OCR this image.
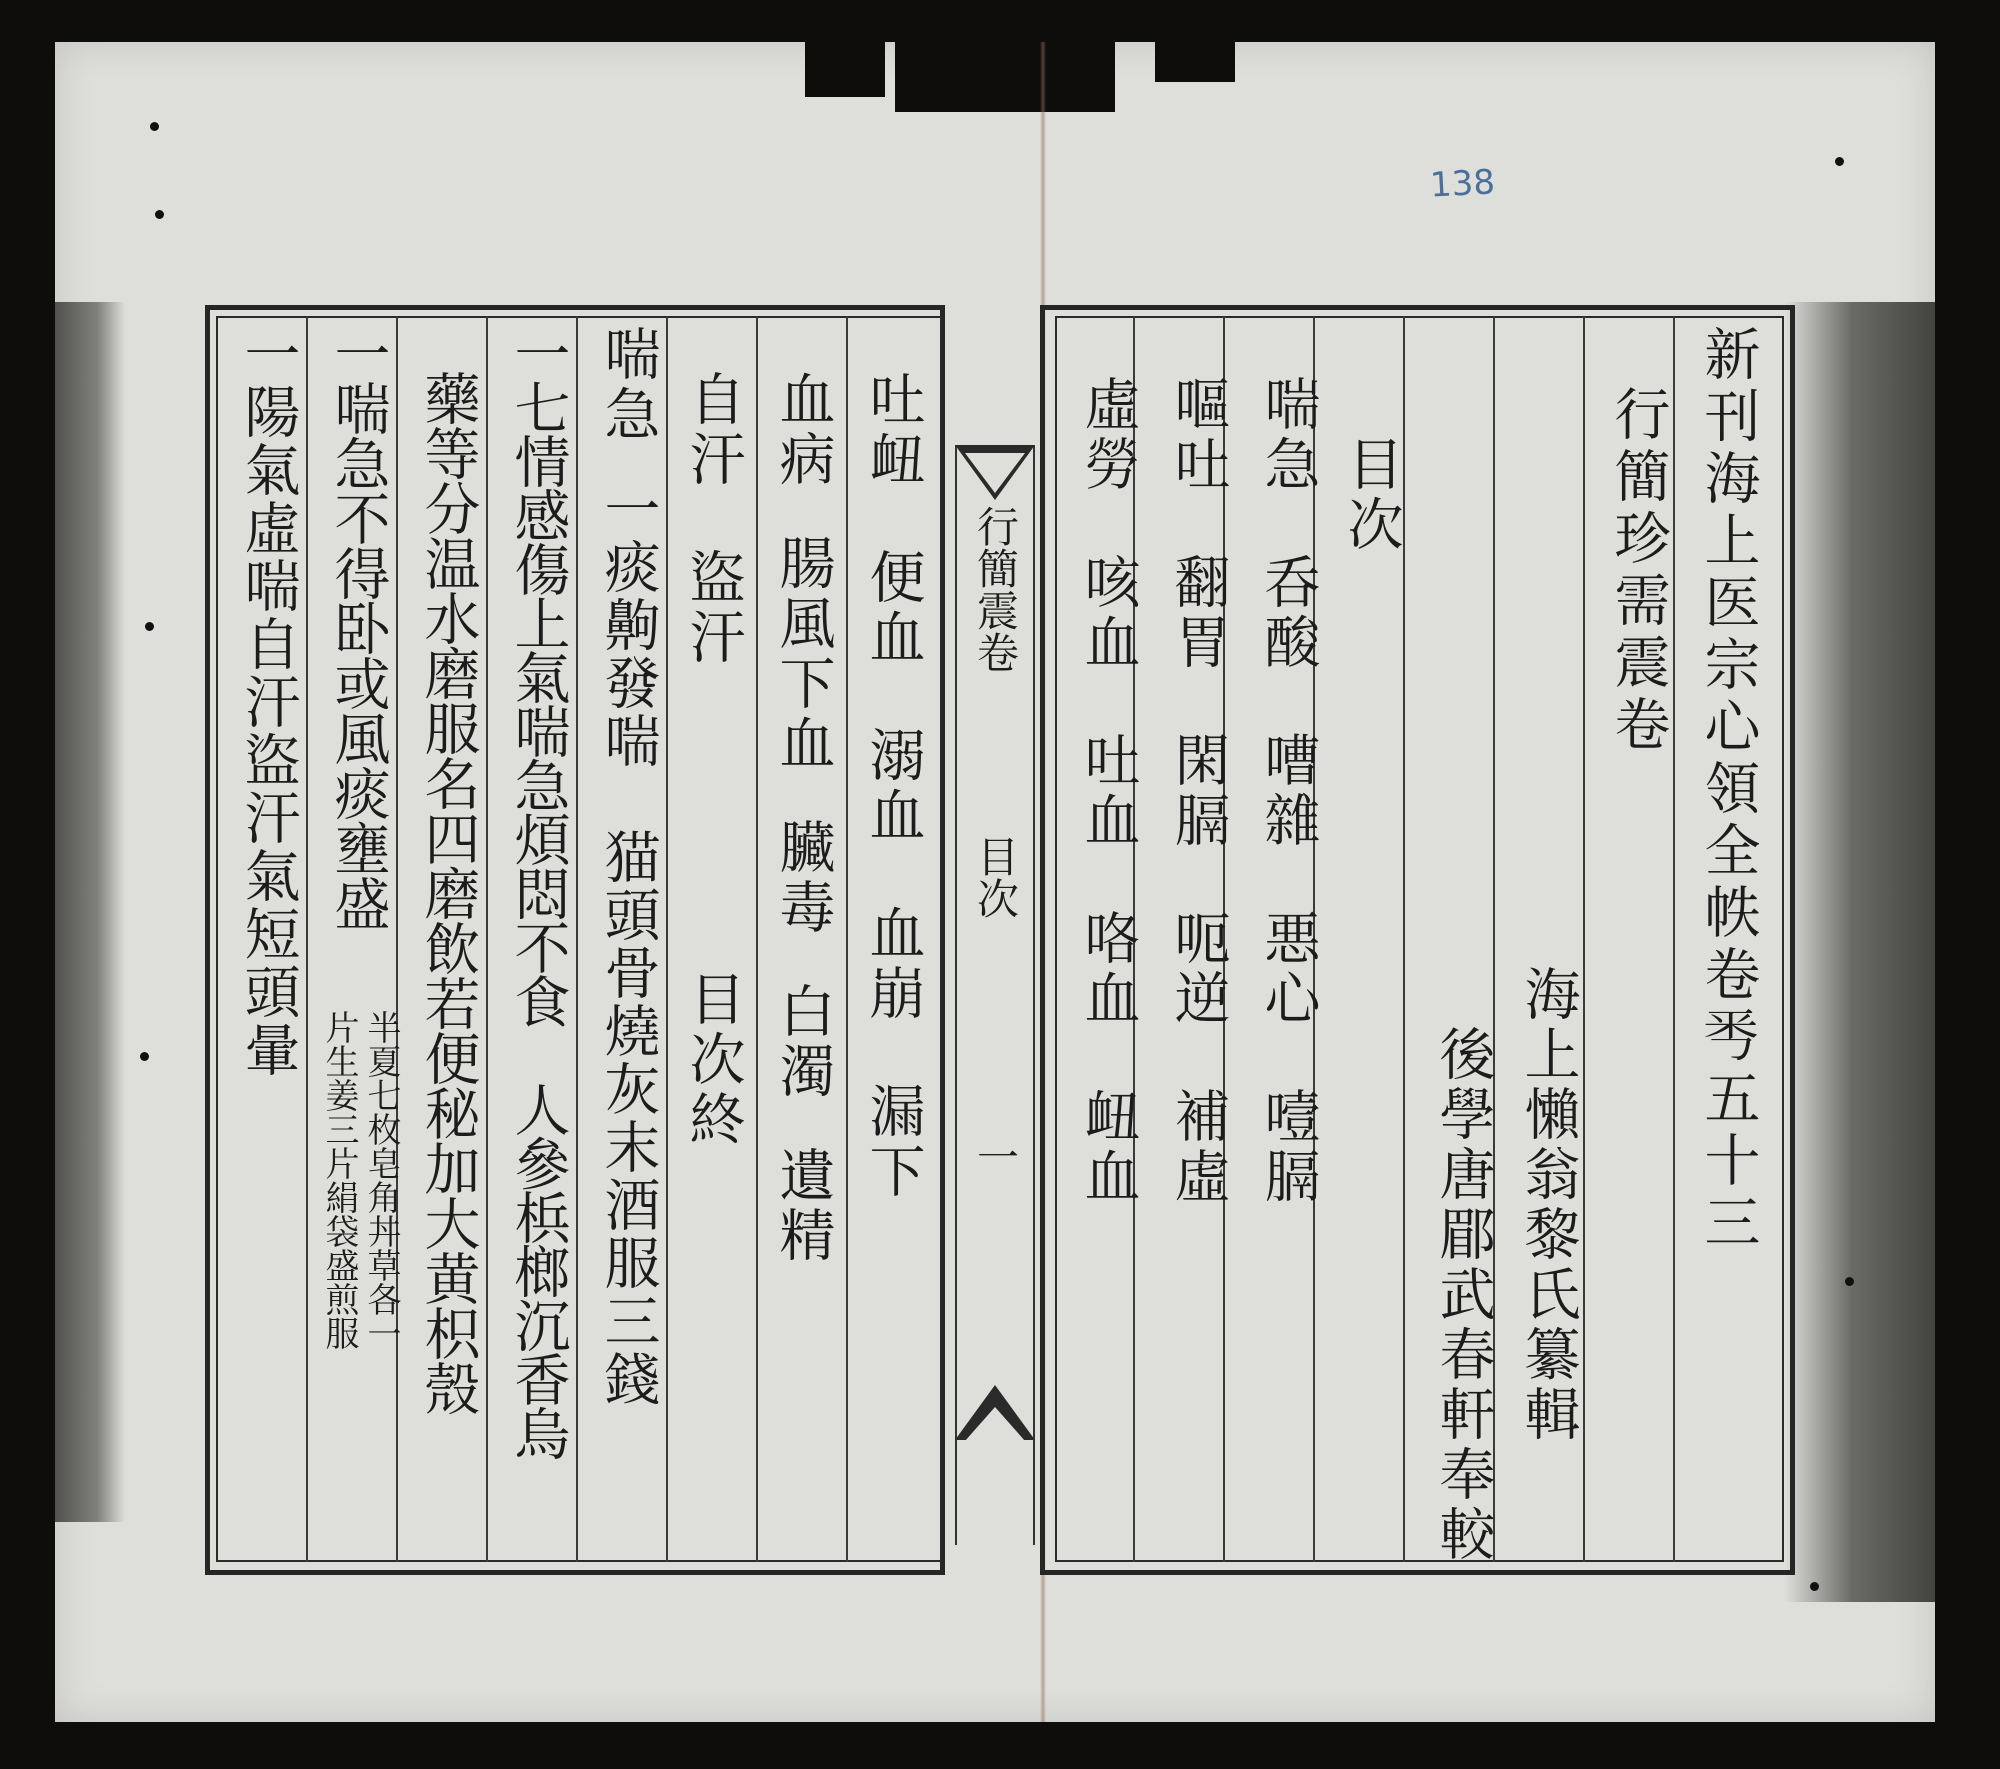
138
新刊海上医宗心領全帙卷𠀭五十三
行簡珍需震卷
海上懶翁黎氏纂輯
後學唐郿武春軒奉較
目次
喘急
呑酸
嘈雜
悪心
噎膈
嘔吐
翻胃
閑膈
呃逆
補虛
虛勞
咳血
吐血
咯血
衄血
行簡震卷
目次
一
吐衄
便血
溺血
血崩
漏下
血病
腸風下血
臟毒
白濁
遺精
自汗
盜汗
目次終
喘急
一痰齁發喘　猫頭骨燒灰末酒服三錢
一七情感傷上氣喘急煩悶不食　人參梹榔沉香烏
藥等分温水磨服名四磨飲若便秘加大黄枳殼
一喘急不得卧或風痰壅盛
半夏七枚皂角丼草各一
片生姜三片絹袋盛煎服
一陽氣虛喘自汗盜汗氣短頭暈
